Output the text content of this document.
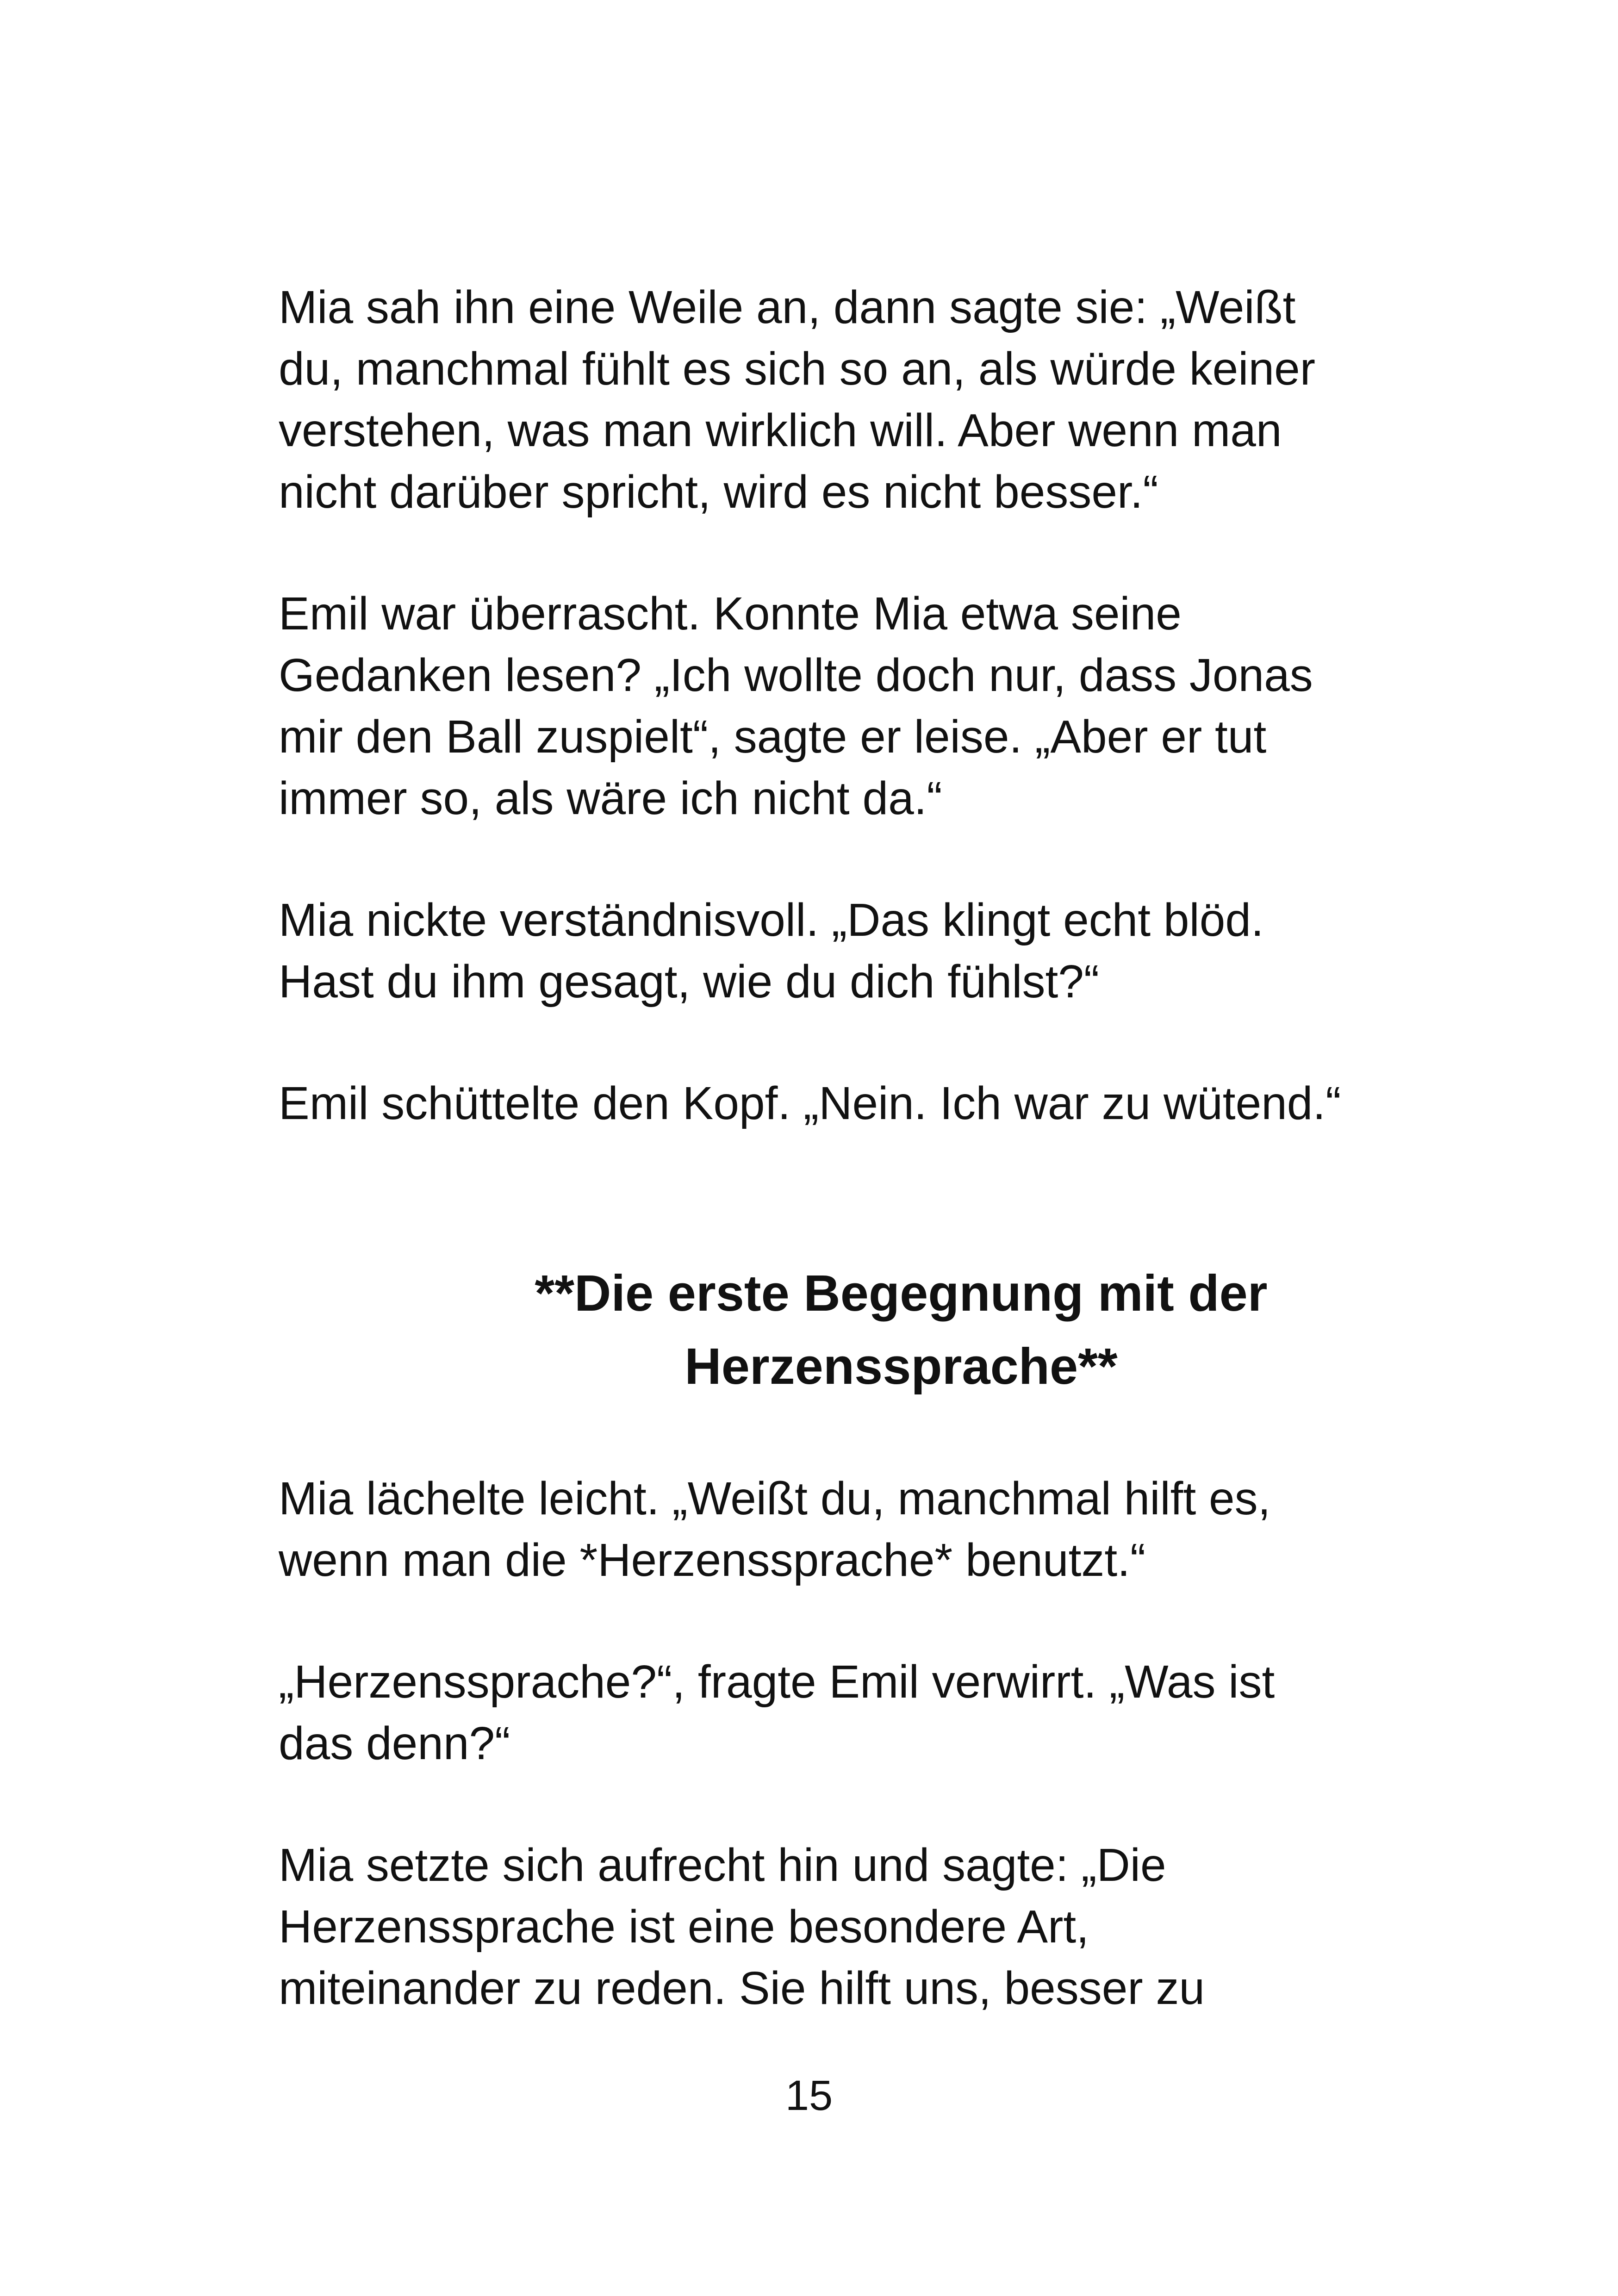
Mia sah ihn eine Weile an, dann sagte sie: „Weißt
du, manchmal fühlt es sich so an, als würde keiner
verstehen, was man wirklich will. Aber wenn man
nicht darüber spricht, wird es nicht besser.“
Emil war überrascht. Konnte Mia etwa seine
Gedanken lesen? „Ich wollte doch nur, dass Jonas
mir den Ball zuspielt“, sagte er leise. „Aber er tut
immer so, als wäre ich nicht da.“
Mia nickte verständnisvoll. „Das klingt echt blöd.
Hast du ihm gesagt, wie du dich fühlst?“
Emil schüttelte den Kopf. „Nein. Ich war zu wütend.“
**Die erste Begegnung mit der
Herzenssprache**
Mia lächelte leicht. „Weißt du, manchmal hilft es,
wenn man die *Herzenssprache* benutzt.“
„Herzenssprache?“, fragte Emil verwirrt. „Was ist
das denn?“
Mia setzte sich aufrecht hin und sagte: „Die
Herzenssprache ist eine besondere Art,
miteinander zu reden. Sie hilft uns, besser zu
15
